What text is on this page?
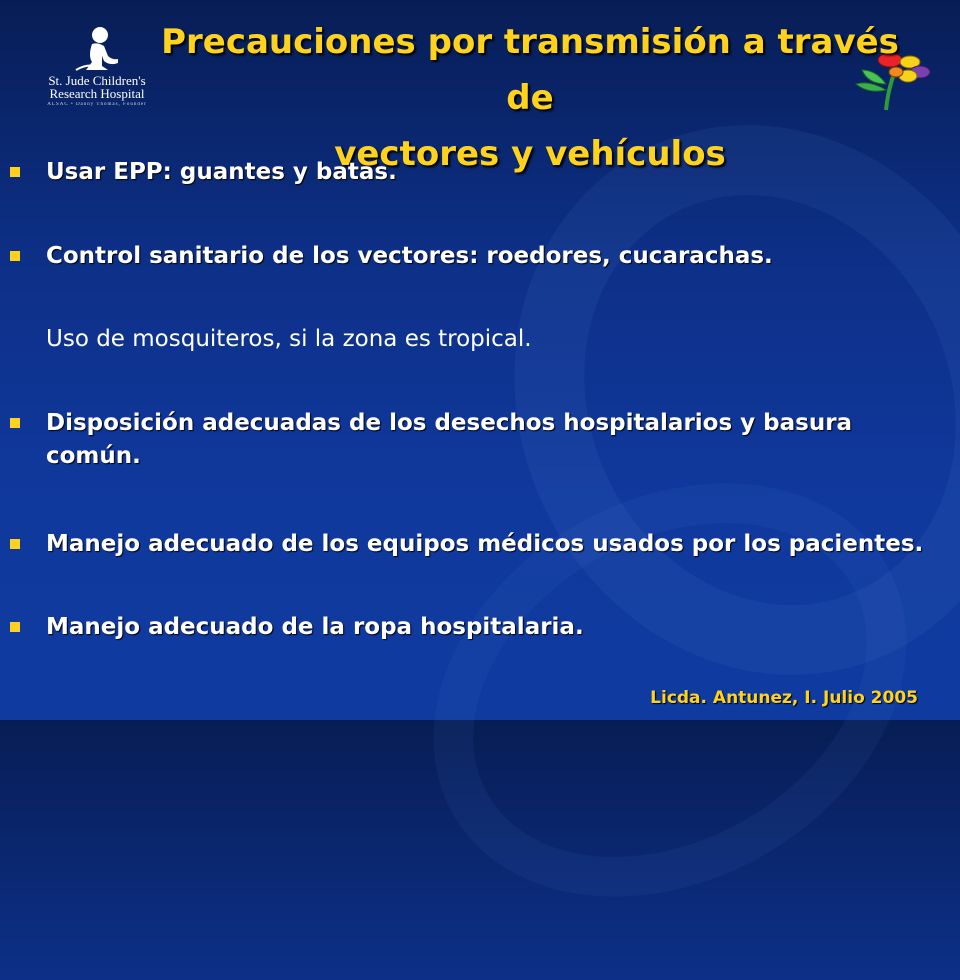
St. Jude Children's
Research Hospital
ALSAC • Danny Thomas, Founder
Precauciones por transmisión a través de
vectores y vehículos
Usar EPP: guantes y batas.
Control sanitario de los vectores: roedores, cucarachas.
Uso de mosquiteros, si la zona es tropical.
Disposición adecuadas de los desechos hospitalarios y basura común.
Manejo adecuado de los equipos médicos usados por los pacientes.
Manejo adecuado de la ropa hospitalaria.
Licda. Antunez, I. Julio 2005
